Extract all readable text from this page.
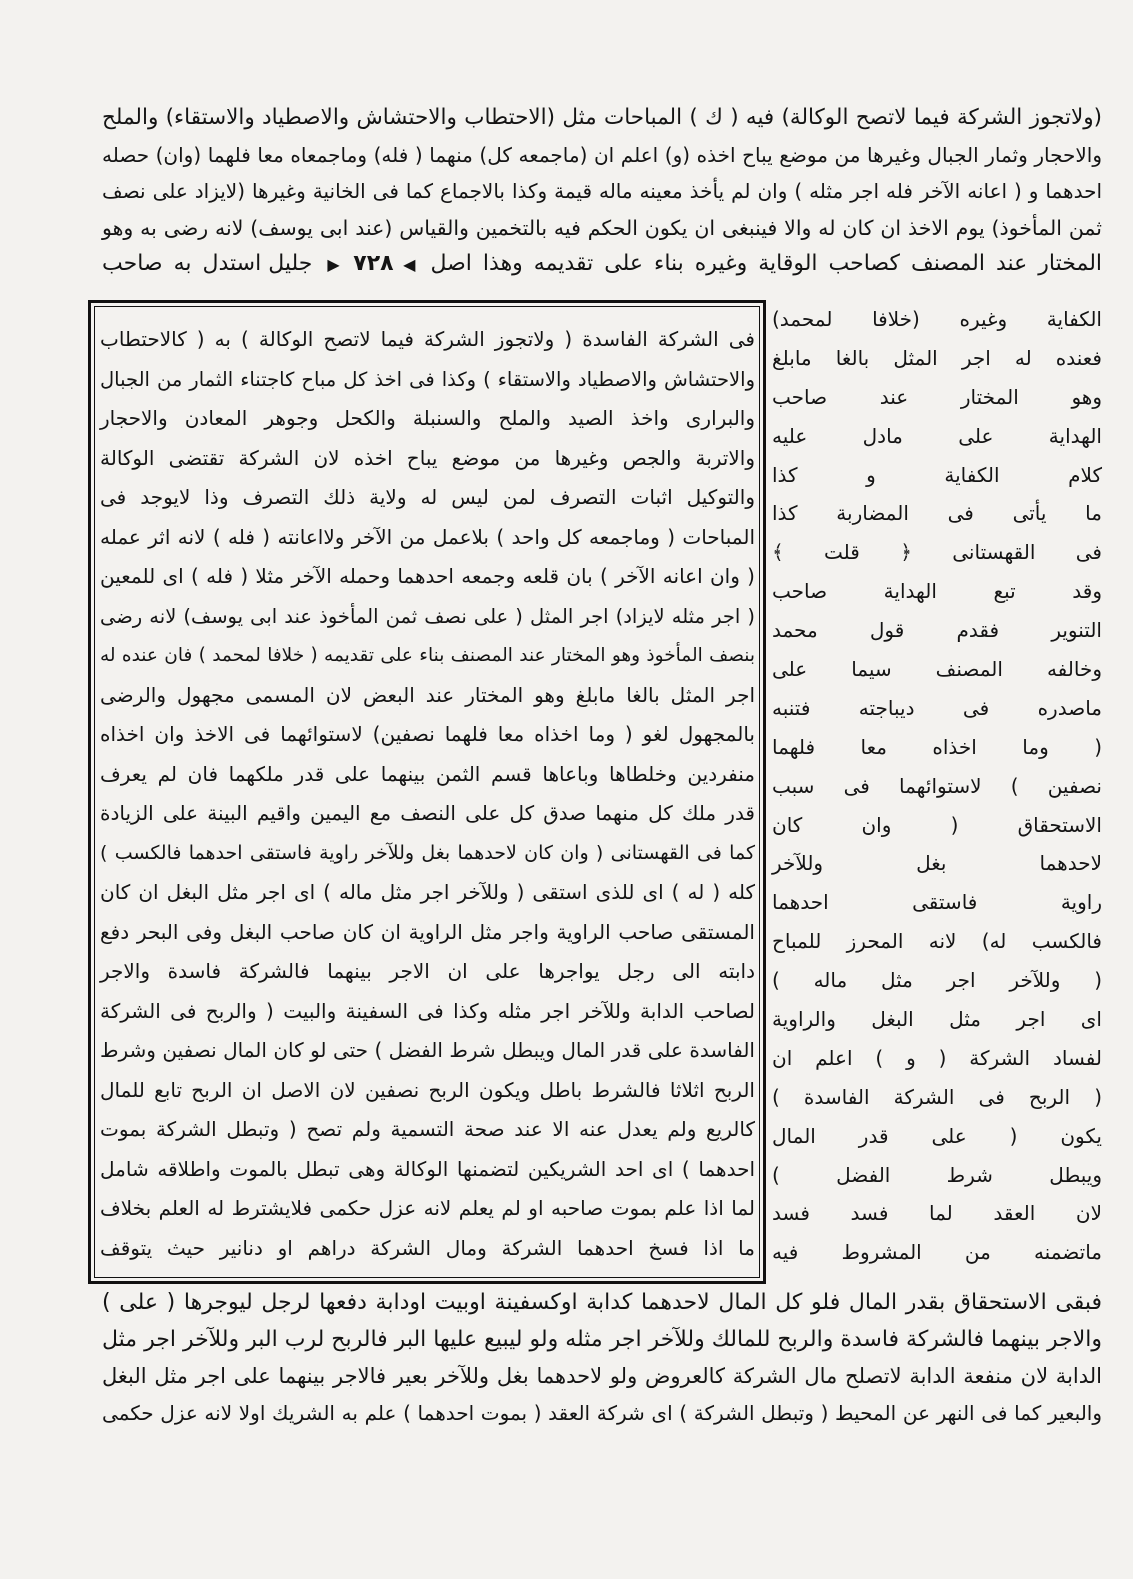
(ولاتجوز الشركة فيما لاتصح الوكالة) فيه ( ك ) المباحات مثل (الاحتطاب والاحتشاش والاصطياد والاستقاء) والملح
والاحجار وثمار الجبال وغيرها من موضع يباح اخذه (و) اعلم ان (ماجمعه كل) منهما ( فله) وماجمعاه معا فلهما (وان) حصله
احدهما و ( اعانه الآخر فله اجر مثله ) وان لم يأخذ معينه ماله قيمة وكذا بالاجماع كما فى الخانية وغيرها (لايزاد على نصف
ثمن المأخوذ) يوم الاخذ ان كان له والا فينبغى ان يكون الحكم فيه بالتخمين والقياس (عند ابى يوسف) لانه رضى به وهو
المختار عند المصنف كصاحب الوقاية وغيره بناء على تقديمه وهذا اصل ◀ ٧٢٨ ▶ جليل استدل به صاحب
فى الشركة الفاسدة ( ولاتجوز الشركة فيما لاتصح الوكالة ) به ( كالاحتطاب
والاحتشاش والاصطياد والاستقاء ) وكذا فى اخذ كل مباح كاجتناء الثمار من الجبال
والبرارى واخذ الصيد والملح والسنبلة والكحل وجوهر المعادن والاحجار
والاتربة والجص وغيرها من موضع يباح اخذه لان الشركة تقتضى الوكالة
والتوكيل اثبات التصرف لمن ليس له ولاية ذلك التصرف وذا لايوجد فى
المباحات ( وماجمعه كل واحد ) بلاعمل من الآخر ولااعانته ( فله ) لانه اثر عمله
( وان اعانه الآخر ) بان قلعه وجمعه احدهما وحمله الآخر مثلا ( فله ) اى للمعين
( اجر مثله لايزاد) اجر المثل ( على نصف ثمن المأخوذ عند ابى يوسف) لانه رضى
بنصف المأخوذ وهو المختار عند المصنف بناء على تقديمه ( خلافا لمحمد ) فان عنده له
اجر المثل بالغا مابلغ وهو المختار عند البعض لان المسمى مجهول والرضى
بالمجهول لغو ( وما اخذاه معا فلهما نصفين) لاستوائهما فى الاخذ وان اخذاه
منفردين وخلطاها وباعاها قسم الثمن بينهما على قدر ملكهما فان لم يعرف
قدر ملك كل منهما صدق كل على النصف مع اليمين واقيم البينة على الزيادة
كما فى القهستانى ( وان كان لاحدهما بغل وللآخر راوية فاستقى احدهما فالكسب )
كله ( له ) اى للذى استقى ( وللآخر اجر مثل ماله ) اى اجر مثل البغل ان كان
المستقى صاحب الراوية واجر مثل الراوية ان كان صاحب البغل وفى البحر دفع
دابته الى رجل يواجرها على ان الاجر بينهما فالشركة فاسدة والاجر
لصاحب الدابة وللآخر اجر مثله وكذا فى السفينة والبيت ( والربح فى الشركة
الفاسدة على قدر المال ويبطل شرط الفضل ) حتى لو كان المال نصفين وشرط
الربح اثلاثا فالشرط باطل ويكون الربح نصفين لان الاصل ان الربح تابع للمال
كالريع ولم يعدل عنه الا عند صحة التسمية ولم تصح ( وتبطل الشركة بموت
احدهما ) اى احد الشريكين لتضمنها الوكالة وهى تبطل بالموت واطلاقه شامل
لما اذا علم بموت صاحبه او لم يعلم لانه عزل حكمى فلايشترط له العلم بخلاف
ما اذا فسخ احدهما الشركة ومال الشركة دراهم او دنانير حيث يتوقف
الكفاية وغيره (خلافا لمحمد)
فعنده له اجر المثل بالغا مابلغ
وهو المختار عند صاحب
الهداية على مادل عليه
كلام الكفاية و كذا
ما يأتى فى المضاربة كذا
فى القهستانى ﴿ قلت ﴾
وقد تبع الهداية صاحب
التنوير فقدم قول محمد
وخالفه المصنف سيما على
ماصدره فى ديباجته فتنبه
( وما اخذاه معا فلهما
نصفين ) لاستوائهما فى سبب
الاستحقاق ( وان كان
لاحدهما بغل وللآخر
راوية فاستقى احدهما
فالكسب له) لانه المحرز للمباح
( وللآخر اجر مثل ماله )
اى اجر مثل البغل والراوية
لفساد الشركة ( و ) اعلم ان
( الربح فى الشركة الفاسدة )
يكون ( على قدر المال
ويبطل شرط الفضل )
لان العقد لما فسد فسد
ماتضمنه من المشروط فيه
فبقى الاستحقاق بقدر المال فلو كل المال لاحدهما كدابة اوكسفينة اوبيت اودابة دفعها لرجل ليوجرها ( على )
والاجر بينهما فالشركة فاسدة والربح للمالك وللآخر اجر مثله ولو ليبيع عليها البر فالربح لرب البر وللآخر اجر مثل
الدابة لان منفعة الدابة لاتصلح مال الشركة كالعروض ولو لاحدهما بغل وللآخر بعير فالاجر بينهما على اجر مثل البغل
والبعير كما فى النهر عن المحيط ( وتبطل الشركة ) اى شركة العقد ( بموت احدهما ) علم به الشريك اولا لانه عزل حكمى
